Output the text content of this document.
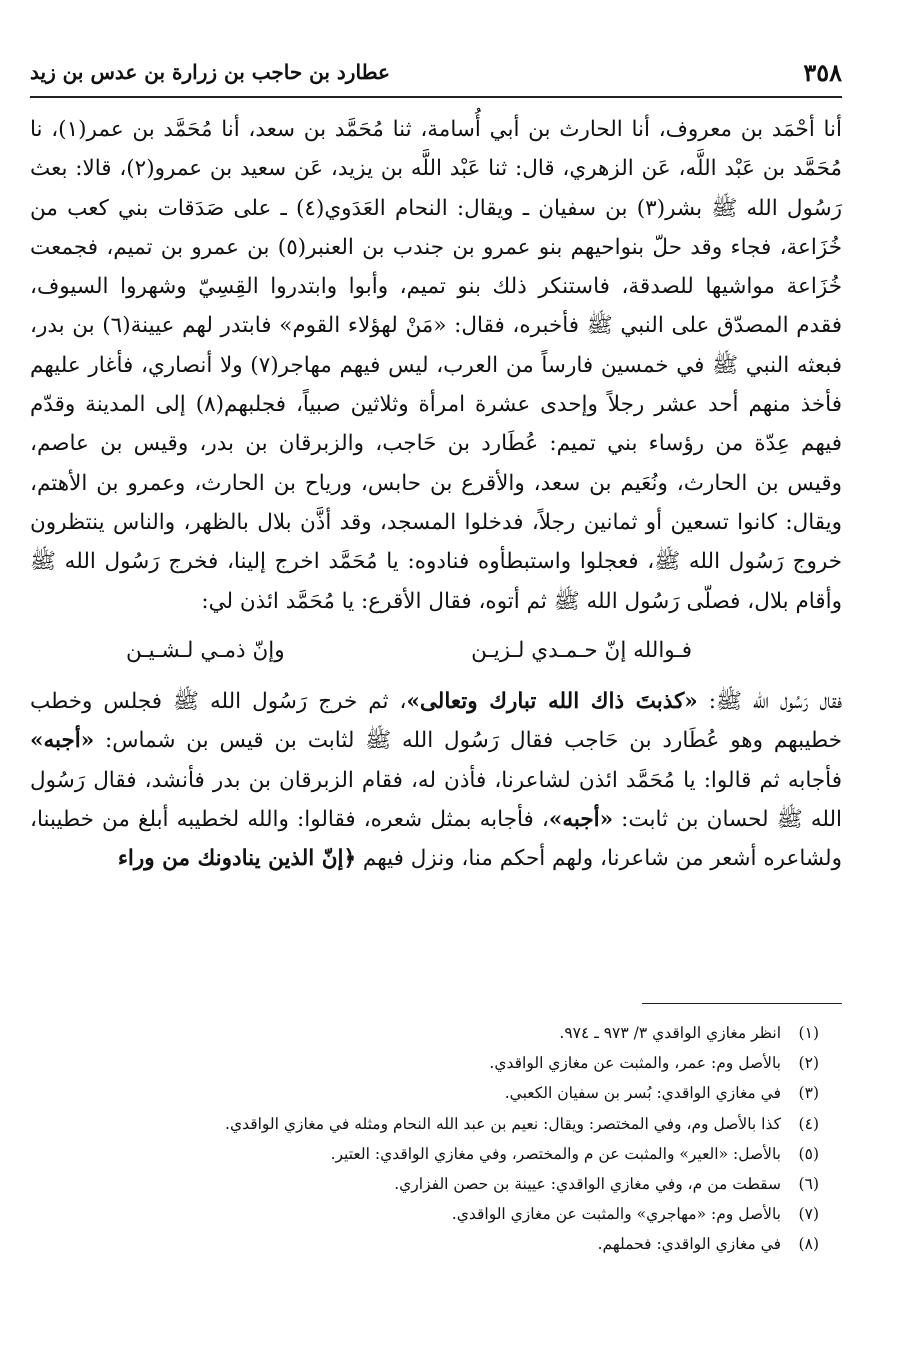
٣٥٨
عطارد بن حاجب بن زرارة بن عدس بن زيد

أنا أحْمَد بن معروف، أنا الحارث بن أبي أُسامة، ثنا مُحَمَّد بن سعد، أنا مُحَمَّد بن عمر(١)، نا مُحَمَّد بن عَبْد اللَّه، عَن الزهري، قال: ثنا عَبْد اللَّه بن يزيد، عَن سعيد بن عمرو(٢)، قالا: بعث رَسُول الله ﷺ بشر(٣) بن سفيان ـ ويقال: النحام العَدَوي(٤) ـ على صَدَقات بني كعب من خُزَاعة، فجاء وقد حلّ بنواحيهم بنو عمرو بن جندب بن العنبر(٥) بن عمرو بن تميم، فجمعت خُزَاعة مواشيها للصدقة، فاستنكر ذلك بنو تميم، وأبوا وابتدروا القِسِيّ وشهروا السيوف، فقدم المصدّق على النبي ﷺ فأخبره، فقال: «مَنْ لهؤلاء القوم» فابتدر لهم عيينة(٦) بن بدر، فبعثه النبي ﷺ في خمسين فارساً من العرب، ليس فيهم مهاجر(٧) ولا أنصاري، فأغار عليهم فأخذ منهم أحد عشر رجلاً وإحدى عشرة امرأة وثلاثين صبياً، فجلبهم(٨) إلى المدينة وقدّم فيهم عِدّة من رؤساء بني تميم: عُطَارد بن حَاجب، والزبرقان بن بدر، وقيس بن عاصم، وقيس بن الحارث، ونُعَيم بن سعد، والأقرع بن حابس، ورياح بن الحارث، وعمرو بن الأهتم، ويقال: كانوا تسعين أو ثمانين رجلاً، فدخلوا المسجد، وقد أذَّن بلال بالظهر، والناس ينتظرون خروج رَسُول الله ﷺ، فعجلوا واستبطأوه فنادوه: يا مُحَمَّد اخرج إلينا، فخرج رَسُول الله ﷺ وأقام بلال، فصلّى رَسُول الله ﷺ ثم أتوه، فقال الأقرع: يا مُحَمَّد ائذن لي:

فـوالله إنّ حـمـدي لـزيـن
وإنّ ذمـي لـشـيـن

فقال رَسُول الله ﷺ: «كذبتَ ذاك الله تبارك وتعالى»، ثم خرج رَسُول الله ﷺ فجلس وخطب خطيبهم وهو عُطَارد بن حَاجب فقال رَسُول الله ﷺ لثابت بن قيس بن شماس: «أجبه» فأجابه ثم قالوا: يا مُحَمَّد ائذن لشاعرنا، فأذن له، فقام الزبرقان بن بدر فأنشد، فقال رَسُول الله ﷺ لحسان بن ثابت: «أجبه»، فأجابه بمثل شعره، فقالوا: والله لخطيبه أبلغ من خطيبنا، ولشاعره أشعر من شاعرنا، ولهم أحكم منا، ونزل فيهم ﴿إنّ الذين ينادونك من وراء

(١)
انظر مغازي الواقدي ٣/ ٩٧٣ ـ ٩٧٤.
(٢)
بالأصل وم: عمر، والمثبت عن مغازي الواقدي.
(٣)
في مغازي الواقدي: بُسر بن سفيان الكعبي.
(٤)
كذا بالأصل وم، وفي المختصر: ويقال: نعيم بن عبد الله النحام ومثله في مغازي الواقدي.
(٥)
بالأصل: «العير» والمثبت عن م والمختصر، وفي مغازي الواقدي: العتير.
(٦)
سقطت من م، وفي مغازي الواقدي: عيينة بن حصن الفزاري.
(٧)
بالأصل وم: «مهاجري» والمثبت عن مغازي الواقدي.
(٨)
في مغازي الواقدي: فحملهم.
